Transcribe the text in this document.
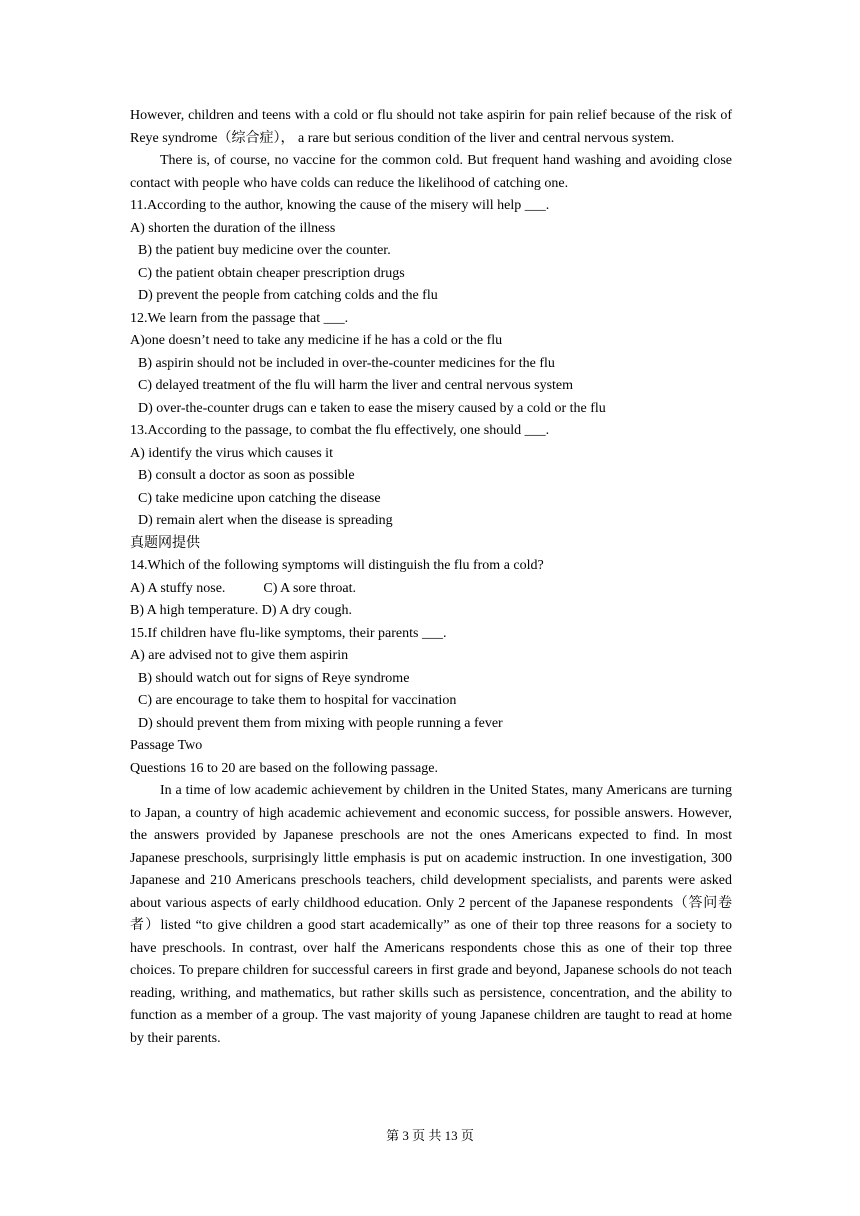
However, children and teens with a cold or flu should not take aspirin for pain relief because of the risk of Reye syndrome（综合症）， a rare but serious condition of the liver and central nervous system.
There is, of course, no vaccine for the common cold. But frequent hand washing and avoiding close contact with people who have colds can reduce the likelihood of catching one.
11.According to the author, knowing the cause of the misery will help ___.
A) shorten the duration of the illness
B) the patient buy medicine over the counter.
C) the patient obtain cheaper prescription drugs
D) prevent the people from catching colds and the flu
12.We learn from the passage that ___.
A)one doesn’t need to take any medicine if he has a cold or the flu
B) aspirin should not be included in over-the-counter medicines for the flu
C) delayed treatment of the flu will harm the liver and central nervous system
D) over-the-counter drugs can e taken to ease the misery caused by a cold or the flu
13.According to the passage, to combat the flu effectively, one should ___.
A) identify the virus which causes it
B) consult a doctor as soon as possible
C) take medicine upon catching the disease
D) remain alert when the disease is spreading
真题网提供
14.Which of the following symptoms will distinguish the flu from a cold?
A) A stuffy nose.	C) A sore throat.
B) A high temperature. D) A dry cough.
15.If children have flu-like symptoms, their parents ___.
A) are advised not to give them aspirin
B) should watch out for signs of Reye syndrome
C) are encourage to take them to hospital for vaccination
D) should prevent them from mixing with people running a fever
Passage Two
Questions 16 to 20 are based on the following passage.
In a time of low academic achievement by children in the United States, many Americans are turning to Japan, a country of high academic achievement and economic success, for possible answers. However, the answers provided by Japanese preschools are not the ones Americans expected to find. In most Japanese preschools, surprisingly little emphasis is put on academic instruction. In one investigation, 300 Japanese and 210 Americans preschools teachers, child development specialists, and parents were asked about various aspects of early childhood education. Only 2 percent of the Japanese respondents（答问卷者）listed “to give children a good start academically” as one of their top three reasons for a society to have preschools. In contrast, over half the Americans respondents chose this as one of their top three choices. To prepare children for successful careers in first grade and beyond, Japanese schools do not teach reading, writhing, and mathematics, but rather skills such as persistence, concentration, and the ability to function as a member of a group. The vast majority of young Japanese children are taught to read at home by their parents.
第 3 页 共 13 页
